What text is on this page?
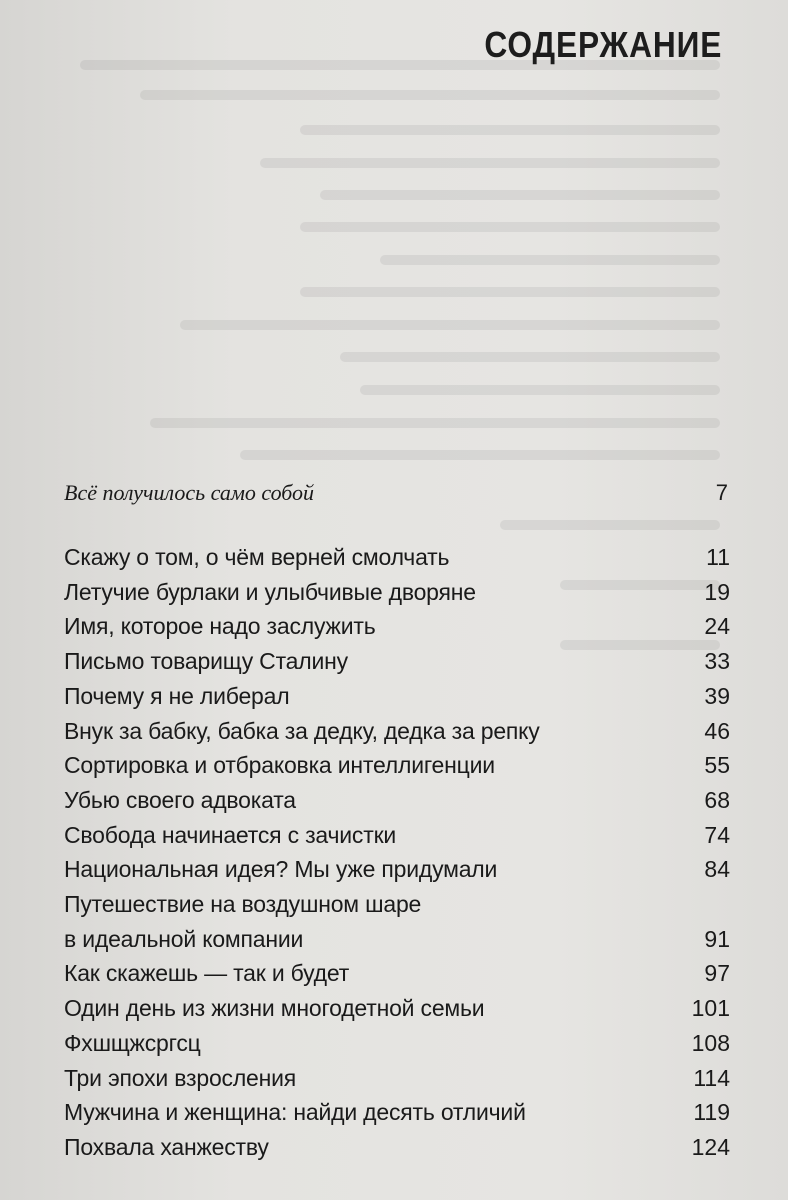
СОДЕРЖАНИЕ
Всё получилось само собой	7
Скажу о том, о чём верней смолчать	11
Летучие бурлаки и улыбчивые дворяне	19
Имя, которое надо заслужить	24
Письмо товарищу Сталину	33
Почему я не либерал	39
Внук за бабку, бабка за дедку, дедка за репку	46
Сортировка и отбраковка интеллигенции	55
Убью своего адвоката	68
Свобода начинается с зачистки	74
Национальная идея? Мы уже придумали	84
Путешествие на воздушном шаре
в идеальной компании	91
Как скажешь — так и будет	97
Один день из жизни многодетной семьи	101
Фхшщжсргсц	108
Три эпохи взросления	114
Мужчина и женщина: найди десять отличий	119
Похвала ханжеству	124
